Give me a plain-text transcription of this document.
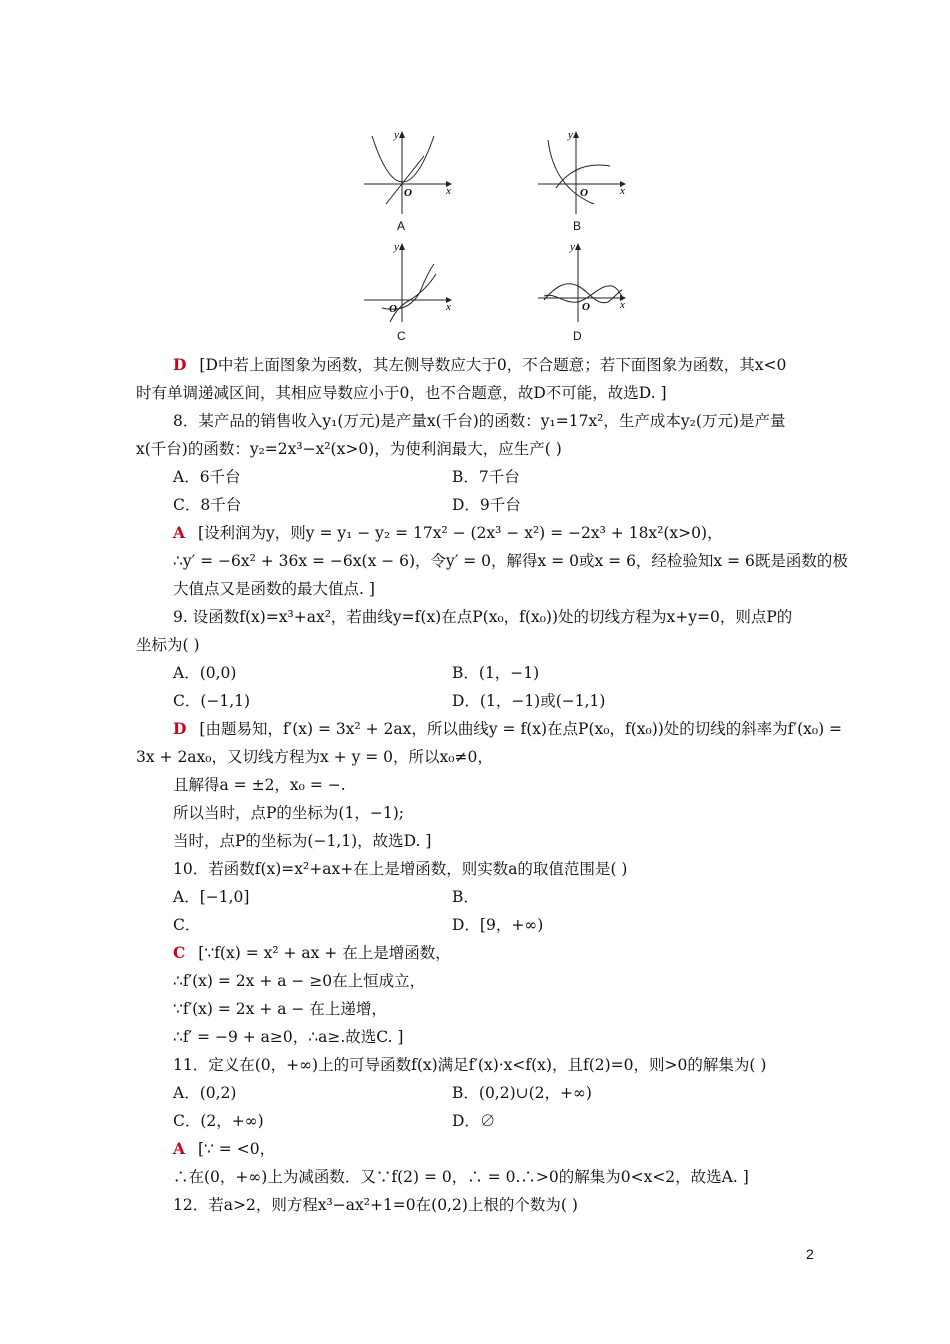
y
x
O
A
y
x
O
B
y
x
O
C
y
x
O
D
D [D中若上面图象为函数，其左侧导数应大于0，不合题意；若下面图象为函数，其x<0
时有单调递减区间，其相应导数应小于0，也不合题意，故D不可能，故选D. ]
8．某产品的销售收入y₁(万元)是产量x(千台)的函数：y₁=17x²，生产成本y₂(万元)是产量
x(千台)的函数：y₂=2x³−x²(x>0)，为使利润最大，应生产( )
A．6千台	B．7千台
C．8千台	D．9千台
A [设利润为y，则y = y₁ − y₂ = 17x² − (2x³ − x²) = −2x³ + 18x²(x>0)，
∴y′ = −6x² + 36x = −6x(x − 6)，令y′ = 0，解得x = 0或x = 6，经检验知x = 6既是函数的极
大值点又是函数的最大值点. ]
9. 设函数f(x)=x³+ax²，若曲线y=f(x)在点P(x₀，f(x₀))处的切线方程为x+y=0，则点P的
坐标为( )
A．(0,0)	B．(1，−1)
C．(−1,1)	D．(1，−1)或(−1,1)
D [由题易知，f′(x) = 3x² + 2ax，所以曲线y = f(x)在点P(x₀，f(x₀))处的切线的斜率为f′(x₀) =
3x + 2ax₀，又切线方程为x + y = 0，所以x₀≠0，
且解得a = ±2，x₀ = −.
所以当时，点P的坐标为(1，−1);
当时，点P的坐标为(−1,1)，故选D. ]
10．若函数f(x)=x²+ax+在上是增函数，则实数a的取值范围是( )
A．[−1,0]	B．
C．	D．[9，+∞)
C [∵f(x) = x² + ax + 在上是增函数，
∴f′(x) = 2x + a − ≥0在上恒成立，
∵f′(x) = 2x + a − 在上递增，
∴f′ = −9 + a≥0，∴a≥.故选C. ]
11．定义在(0，+∞)上的可导函数f(x)满足f′(x)·x<f(x)，且f(2)=0，则>0的解集为( )
A．(0,2)	B．(0,2)∪(2，+∞)
C．(2，+∞)	D．∅
A [∵ = <0，
∴在(0，+∞)上为减函数．又∵f(2) = 0，∴ = 0.∴>0的解集为0<x<2，故选A. ]
12．若a>2，则方程x³−ax²+1=0在(0,2)上根的个数为( )
2
